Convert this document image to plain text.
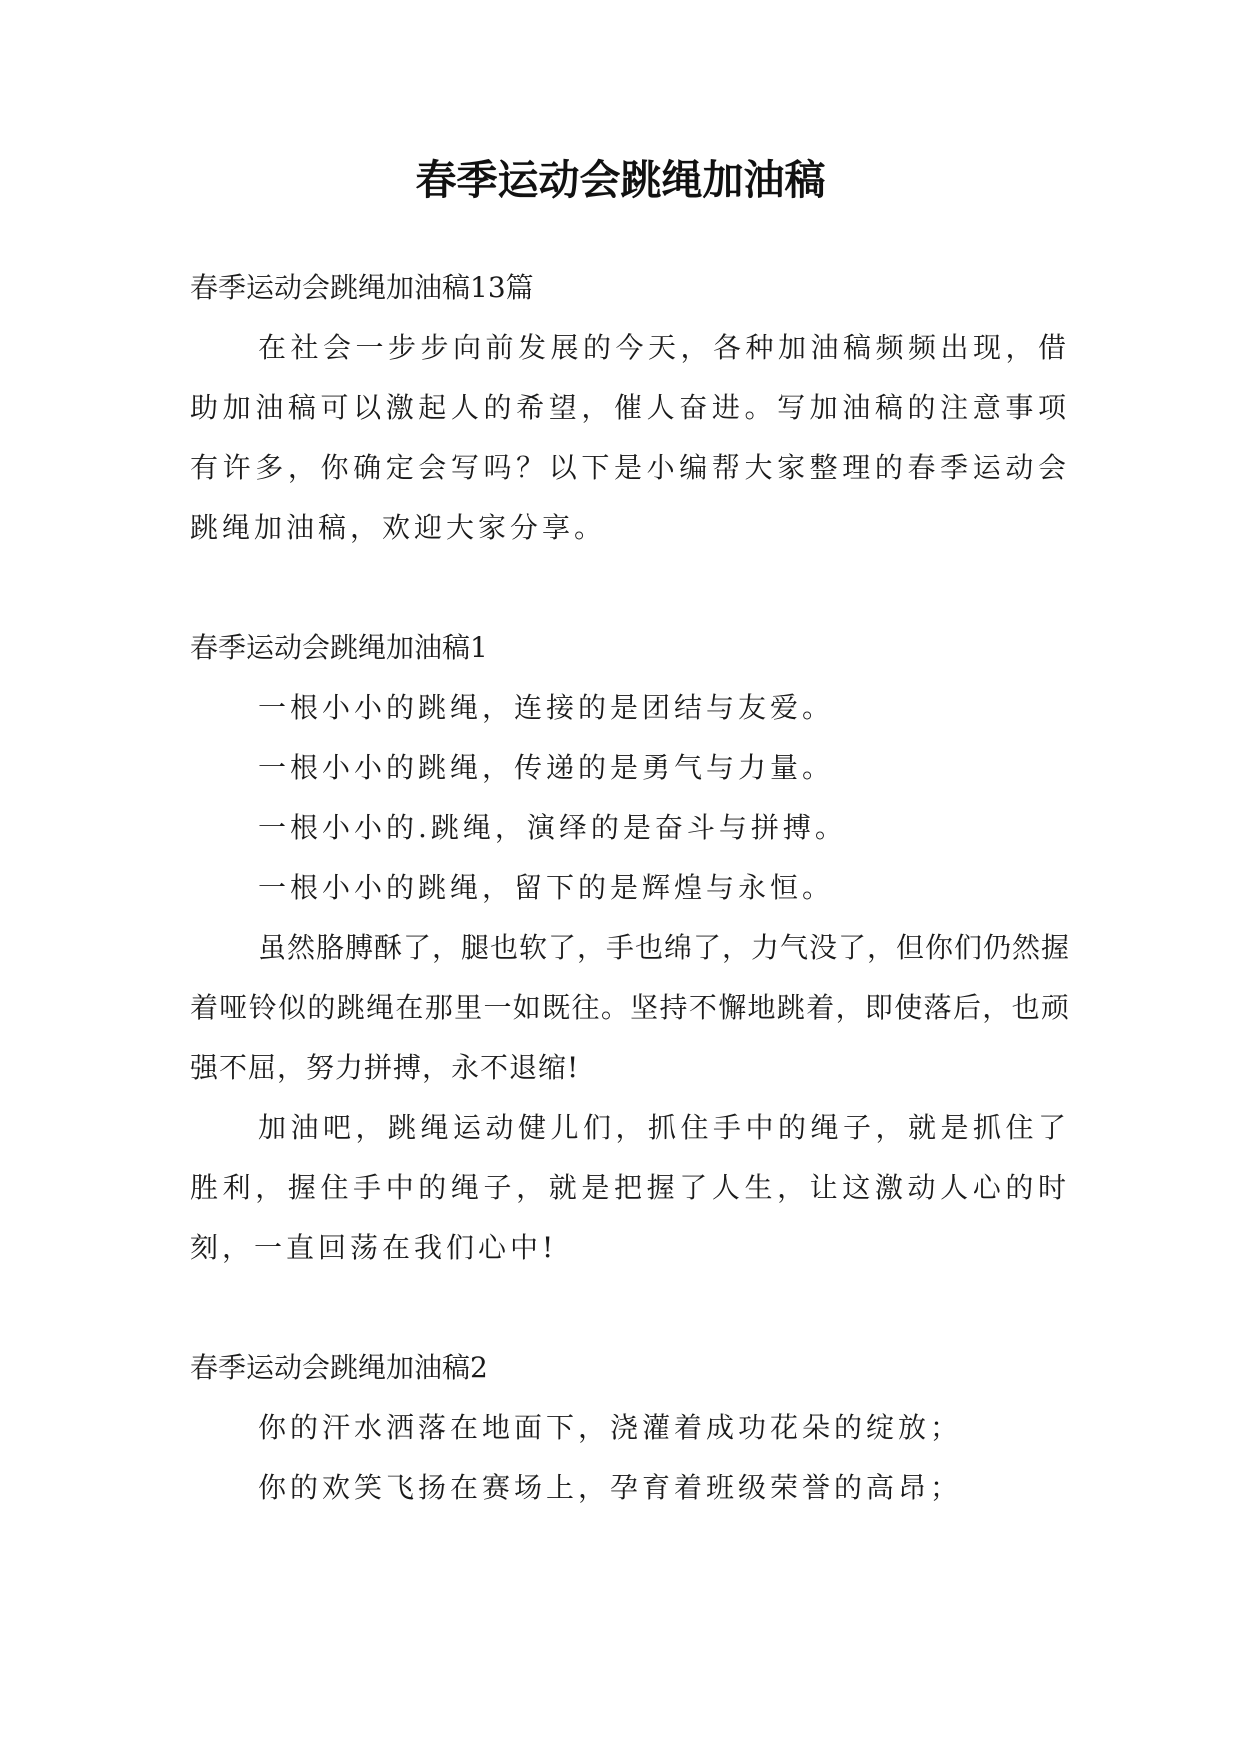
春季运动会跳绳加油稿
春季运动会跳绳加油稿13篇

在社会一步步向前发展的今天，各种加油稿频频出现，借助加油稿可以激起人的希望，催人奋进。写加油稿的注意事项有许多，你确定会写吗？以下是小编帮大家整理的春季运动会跳绳加油稿，欢迎大家分享。

春季运动会跳绳加油稿1
一根小小的跳绳，连接的是团结与友爱。
一根小小的跳绳，传递的是勇气与力量。
一根小小的.跳绳，演绎的是奋斗与拼搏。
一根小小的跳绳，留下的是辉煌与永恒。

虽然胳膊酥了，腿也软了，手也绵了，力气没了，但你们仍然握着哑铃似的跳绳在那里一如既往。坚持不懈地跳着，即使落后，也顽强不屈，努力拼搏，永不退缩!

加油吧，跳绳运动健儿们，抓住手中的绳子，就是抓住了胜利，握住手中的绳子，就是把握了人生，让这激动人心的时刻，一直回荡在我们心中!

春季运动会跳绳加油稿2
你的汗水洒落在地面下，浇灌着成功花朵的绽放；
你的欢笑飞扬在赛场上，孕育着班级荣誉的高昂；
